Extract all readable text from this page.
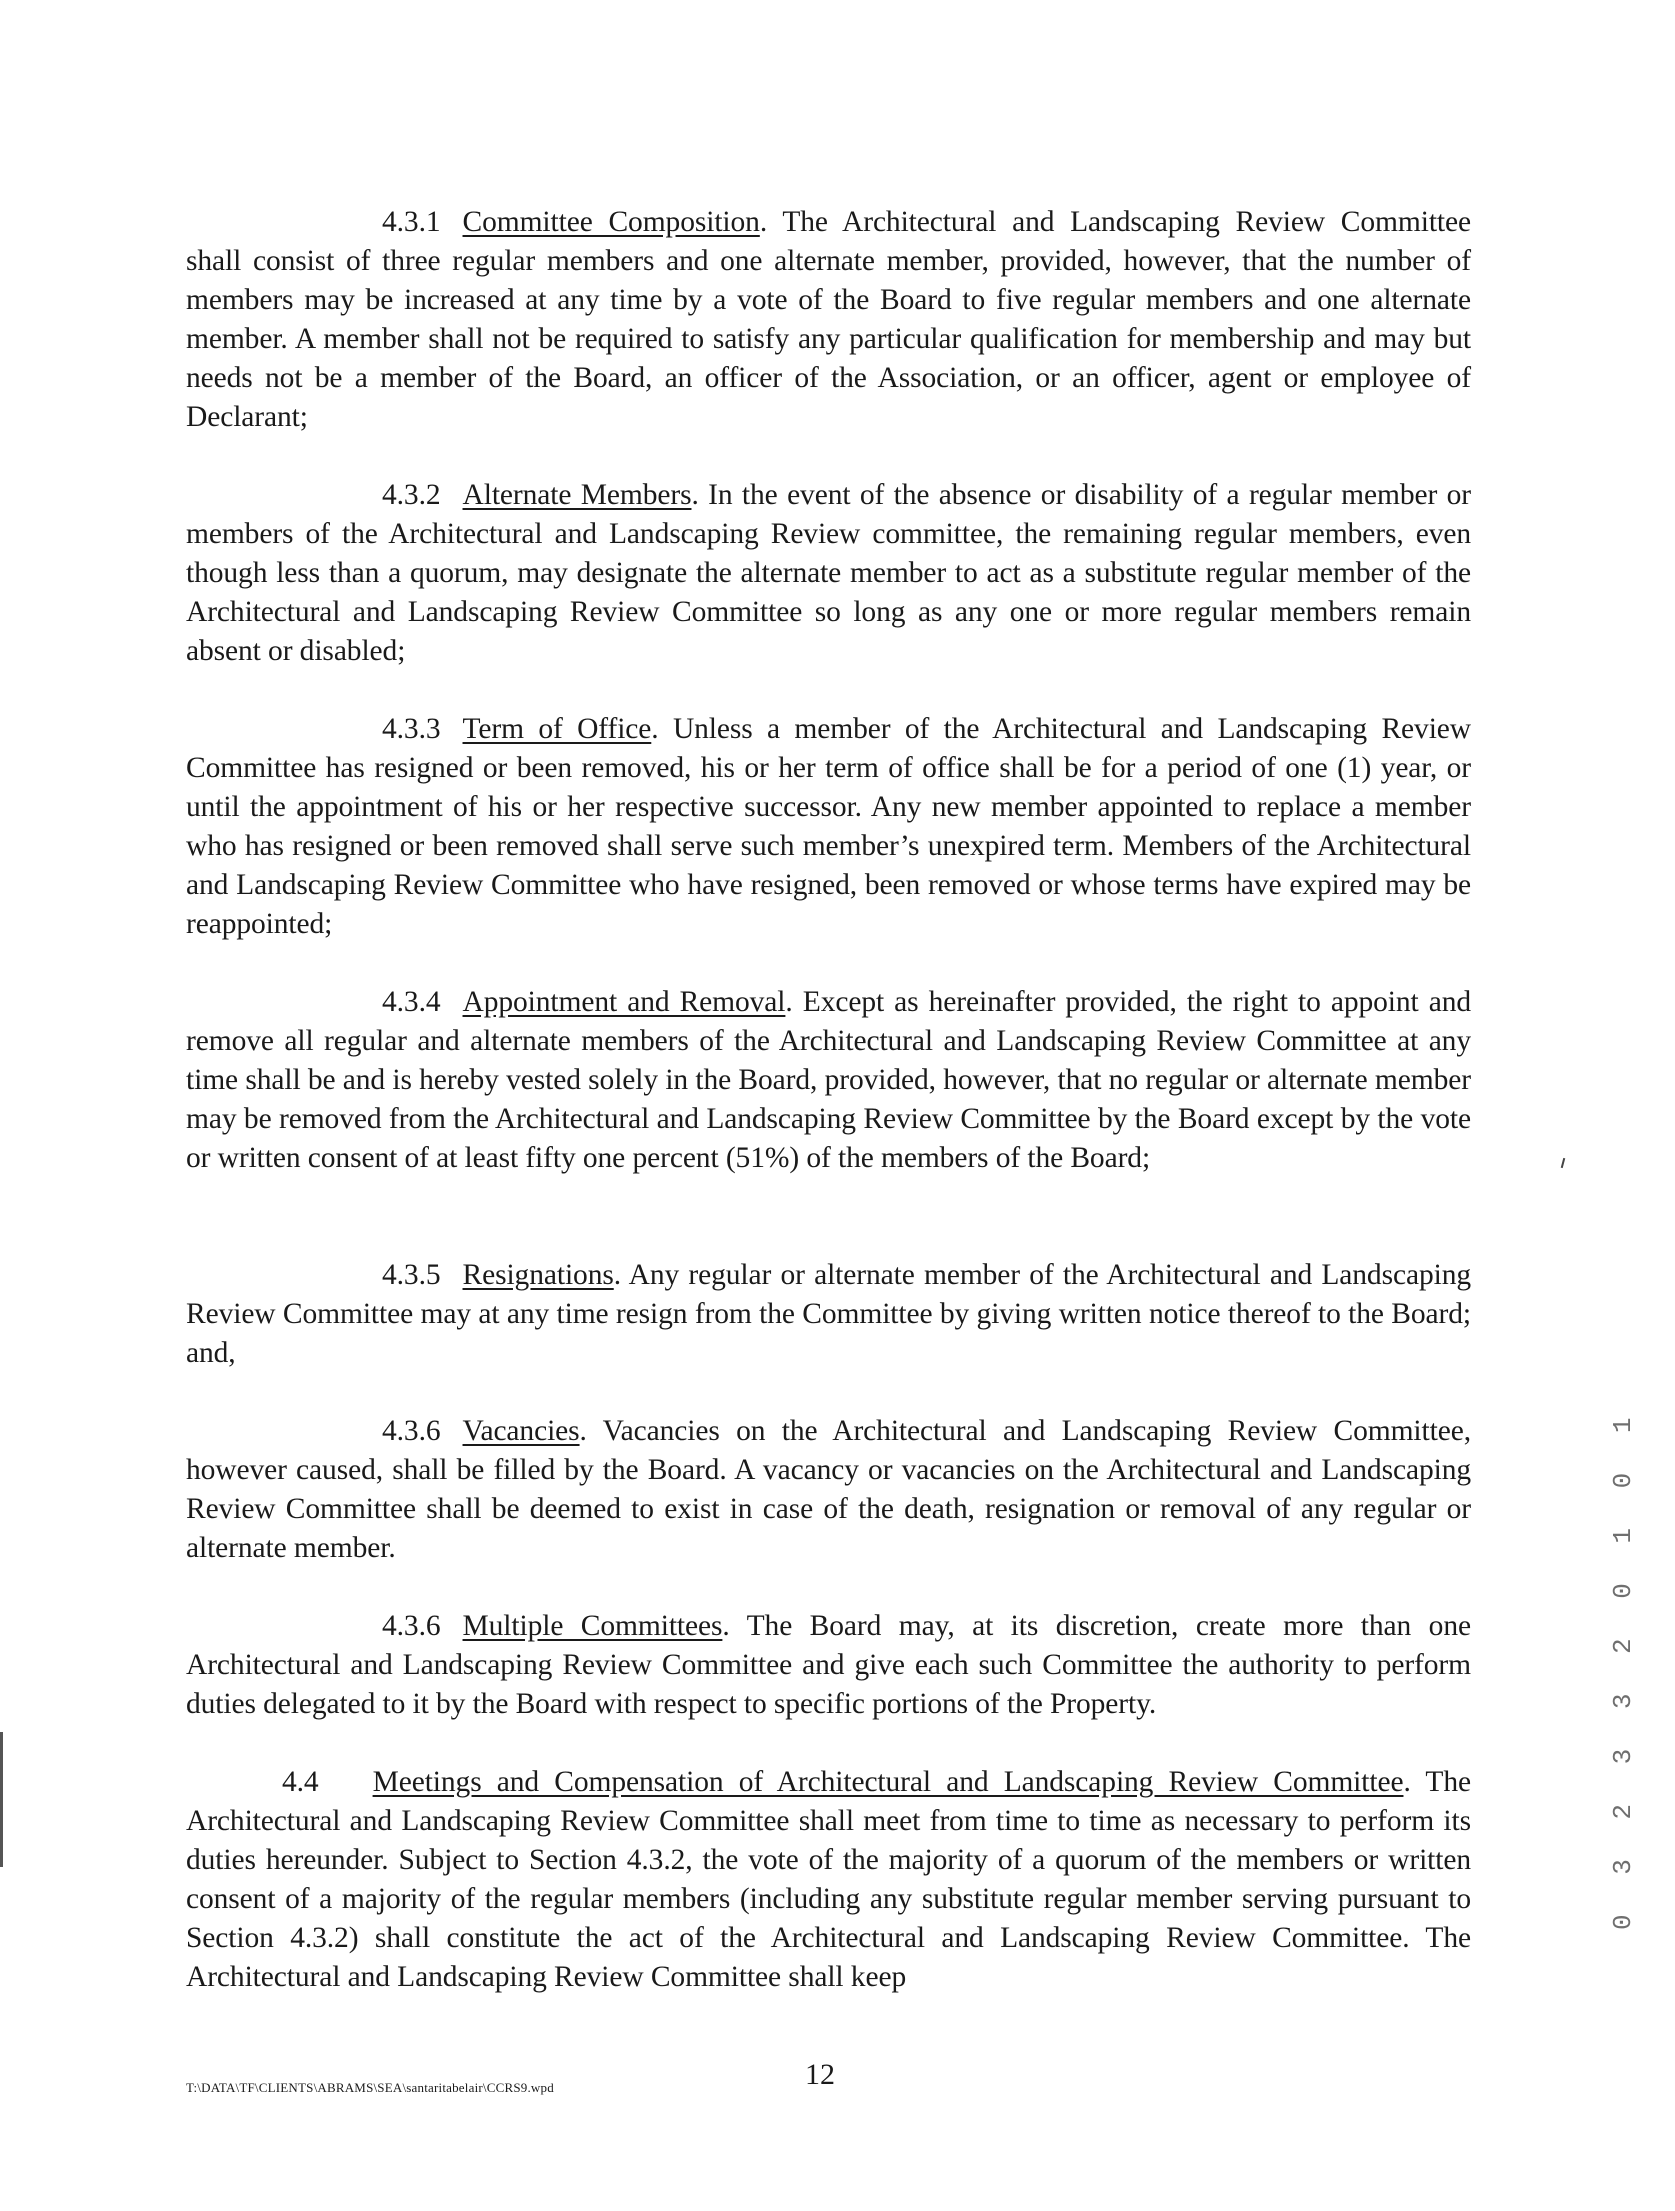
4.3.1 Committee Composition. The Architectural and Landscaping Review Committee shall consist of three regular members and one alternate member, provided, however, that the number of members may be increased at any time by a vote of the Board to five regular members and one alternate member. A member shall not be required to satisfy any particular qualification for membership and may but needs not be a member of the Board, an officer of the Association, or an officer, agent or employee of Declarant;
4.3.2 Alternate Members. In the event of the absence or disability of a regular member or members of the Architectural and Landscaping Review committee, the remaining regular members, even though less than a quorum, may designate the alternate member to act as a substitute regular member of the Architectural and Landscaping Review Committee so long as any one or more regular members remain absent or disabled;
4.3.3 Term of Office. Unless a member of the Architectural and Landscaping Review Committee has resigned or been removed, his or her term of office shall be for a period of one (1) year, or until the appointment of his or her respective successor. Any new member appointed to replace a member who has resigned or been removed shall serve such member’s unexpired term. Members of the Architectural and Landscaping Review Committee who have resigned, been removed or whose terms have expired may be reappointed;
4.3.4 Appointment and Removal. Except as hereinafter provided, the right to appoint and remove all regular and alternate members of the Architectural and Landscaping Review Committee at any time shall be and is hereby vested solely in the Board, provided, however, that no regular or alternate member may be removed from the Architectural and Landscaping Review Committee by the Board except by the vote or written consent of at least fifty one percent (51%) of the members of the Board;
4.3.5 Resignations. Any regular or alternate member of the Architectural and Landscaping Review Committee may at any time resign from the Committee by giving written notice thereof to the Board; and,
4.3.6 Vacancies. Vacancies on the Architectural and Landscaping Review Committee, however caused, shall be filled by the Board. A vacancy or vacancies on the Architectural and Landscaping Review Committee shall be deemed to exist in case of the death, resignation or removal of any regular or alternate member.
4.3.6 Multiple Committees. The Board may, at its discretion, create more than one Architectural and Landscaping Review Committee and give each such Committee the authority to perform duties delegated to it by the Board with respect to specific portions of the Property.
4.4 Meetings and Compensation of Architectural and Landscaping Review Committee. The Architectural and Landscaping Review Committee shall meet from time to time as necessary to perform its duties hereunder. Subject to Section 4.3.2, the vote of the majority of a quorum of the members or written consent of a majority of the regular members (including any substitute regular member serving pursuant to Section 4.3.2) shall constitute the act of the Architectural and Landscaping Review Committee. The Architectural and Landscaping Review Committee shall keep
T:\DATA\TF\CLIENTS\ABRAMS\SEA\santaritabelair\CCRS9.wpd	12
0 3 2 3 3 2 0 1 0 1
